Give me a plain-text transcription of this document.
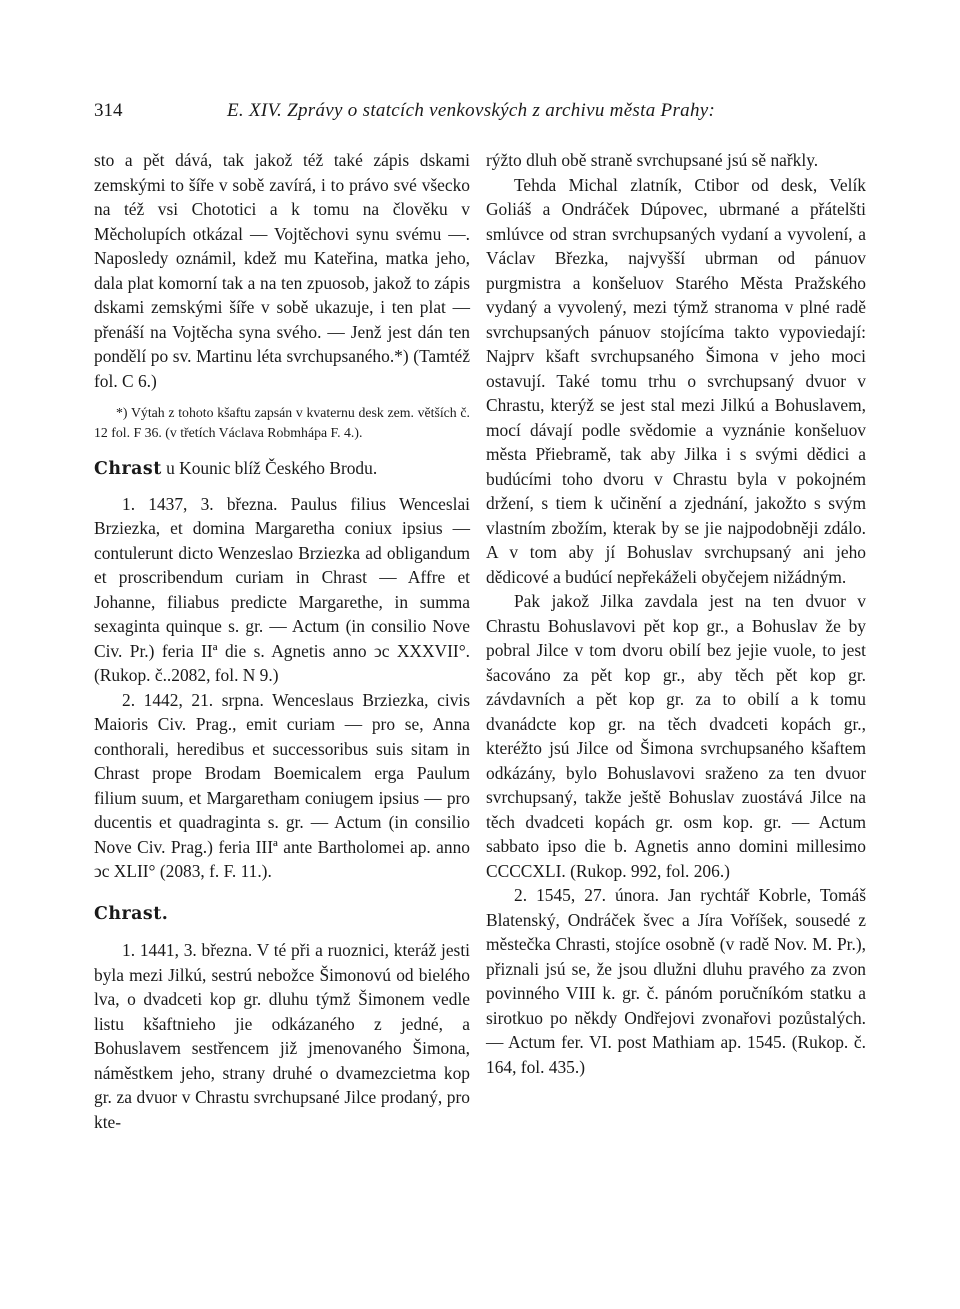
314	E. XIV. Zprávy o statcích venkovských z archivu města Prahy:

sto a pět dává, tak jakož též také zápis dskami zemskými to šíře v sobě zavírá, i to právo své všecko na též vsi Chototici a k tomu na člověku v Měcholupích otkázal — Vojtěchovi synu svému —. Naposledy oznámil, kdež mu Kateřina, matka jeho, dala plat komorní tak a na ten zpuosob, jakož to zápis dskami zemskými šíře v sobě ukazuje, i ten plat — přenáší na Vojtěcha syna svého. — Jenž jest dán ten pondělí po sv. Martinu léta svrchupsaného.*) (Tamtéž fol. C 6.)

*) Výtah z tohoto kšaftu zapsán v kvaternu desk zem. větších č. 12 fol. F 36. (v třetích Václava Robmhápa F. 4.).

Chrast u Kounic blíž Českého Brodu.

1. 1437, 3. března. Paulus filius Wenceslai Brziezka, et domina Margaretha coniux ipsius — contulerunt dicto Wenzeslao Brziezka ad obligandum et proscribendum curiam in Chrast — Affre et Johanne, filiabus predicte Margarethe, in summa sexaginta quinque s. gr. — Actum (in consilio Nove Civ. Pr.) feria IIª die s. Agnetis anno ↄc XXXVII°. (Rukop. č..2082, fol. N 9.)

2. 1442, 21. srpna. Wenceslaus Brziezka, civis Maioris Civ. Prag., emit curiam — pro se, Anna conthorali, heredibus et successoribus suis sitam in Chrast prope Brodam Boemicalem erga Paulum filium suum, et Margaretham coniugem ipsius — pro ducentis et quadraginta s. gr. — Actum (in consilio Nove Civ. Prag.) feria IIIª ante Bartholomei ap. anno ↄc XLII° (2083, f. F. 11.).

Chrast.

1. 1441, 3. března. V té při a ruoznici, kteráž jesti byla mezi Jilkú, sestrú nebožce Šimonovú od bielého lva, o dvadceti kop gr. dluhu týmž Šimonem vedle listu kšaftnieho jie odkázaného z jedné, a Bohuslavem sestřencem již jmenovaného Šimona, náměstkem jeho, strany druhé o dvamezcietma kop gr. za dvuor v Chrastu svrchupsané Jilce prodaný, pro kte-

rýžto dluh obě straně svrchupsané jsú sě nařkly.

Tehda Michal zlatník, Ctibor od desk, Velík Goliáš a Ondráček Dúpovec, ubrmané a přátelšti smlúvce od stran svrchupsaných vydaní a vyvolení, a Václav Březka, najvyšší ubrman od pánuov purgmistra a konšeluov Starého Města Pražského vydaný a vyvolený, mezi týmž stranoma v plné radě svrchupsaných pánuov stojícíma takto vypoviedají: Najprv kšaft svrchupsaného Šimona v jeho moci ostavují. Také tomu trhu o svrchupsaný dvuor v Chrastu, kterýž se jest stal mezi Jilkú a Bohuslavem, mocí dávají podle svědomie a vyznánie konšeluov města Přiebramě, tak aby Jilka i s svými dědici a budúcími toho dvoru v Chrastu byla v pokojném držení, s tiem k učinění a zjednání, jakožto s svým vlastním zbožím, kterak by se jie najpodobněji zdálo. A v tom aby jí Bohuslav svrchupsaný ani jeho dědicové a budúcí nepřekáželi obyčejem nižádným.

Pak jakož Jilka zavdala jest na ten dvuor v Chrastu Bohuslavovi pět kop gr., a Bohuslav že by pobral Jilce v tom dvoru obilí bez jejie vuole, to jest šacováno za pět kop gr., aby těch pět kop gr. závdavních a pět kop gr. za to obilí a k tomu dvanádcte kop gr. na těch dvadceti kopách gr., kteréžto jsú Jilce od Šimona svrchupsaného kšaftem odkázány, bylo Bohuslavovi sraženo za ten dvuor svrchupsaný, takže ještě Bohuslav zuostává Jilce na těch dvadceti kopách gr. osm kop. gr. — Actum sabbato ipso die b. Agnetis anno domini millesimo CCCCXLI. (Rukop. 992, fol. 206.)

2. 1545, 27. února. Jan rychtář Kobrle, Tomáš Blatenský, Ondráček švec a Jíra Voříšek, sousedé z městečka Chrasti, stojíce osobně (v radě Nov. M. Pr.), přiznali jsú se, že jsou dlužni dluhu pravého za zvon povinného VIII k. gr. č. pánóm poručníkóm statku a sirotkuo po někdy Ondřejovi zvonařovi pozůstalých. — Actum fer. VI. post Mathiam ap. 1545. (Rukop. č. 164, fol. 435.)
